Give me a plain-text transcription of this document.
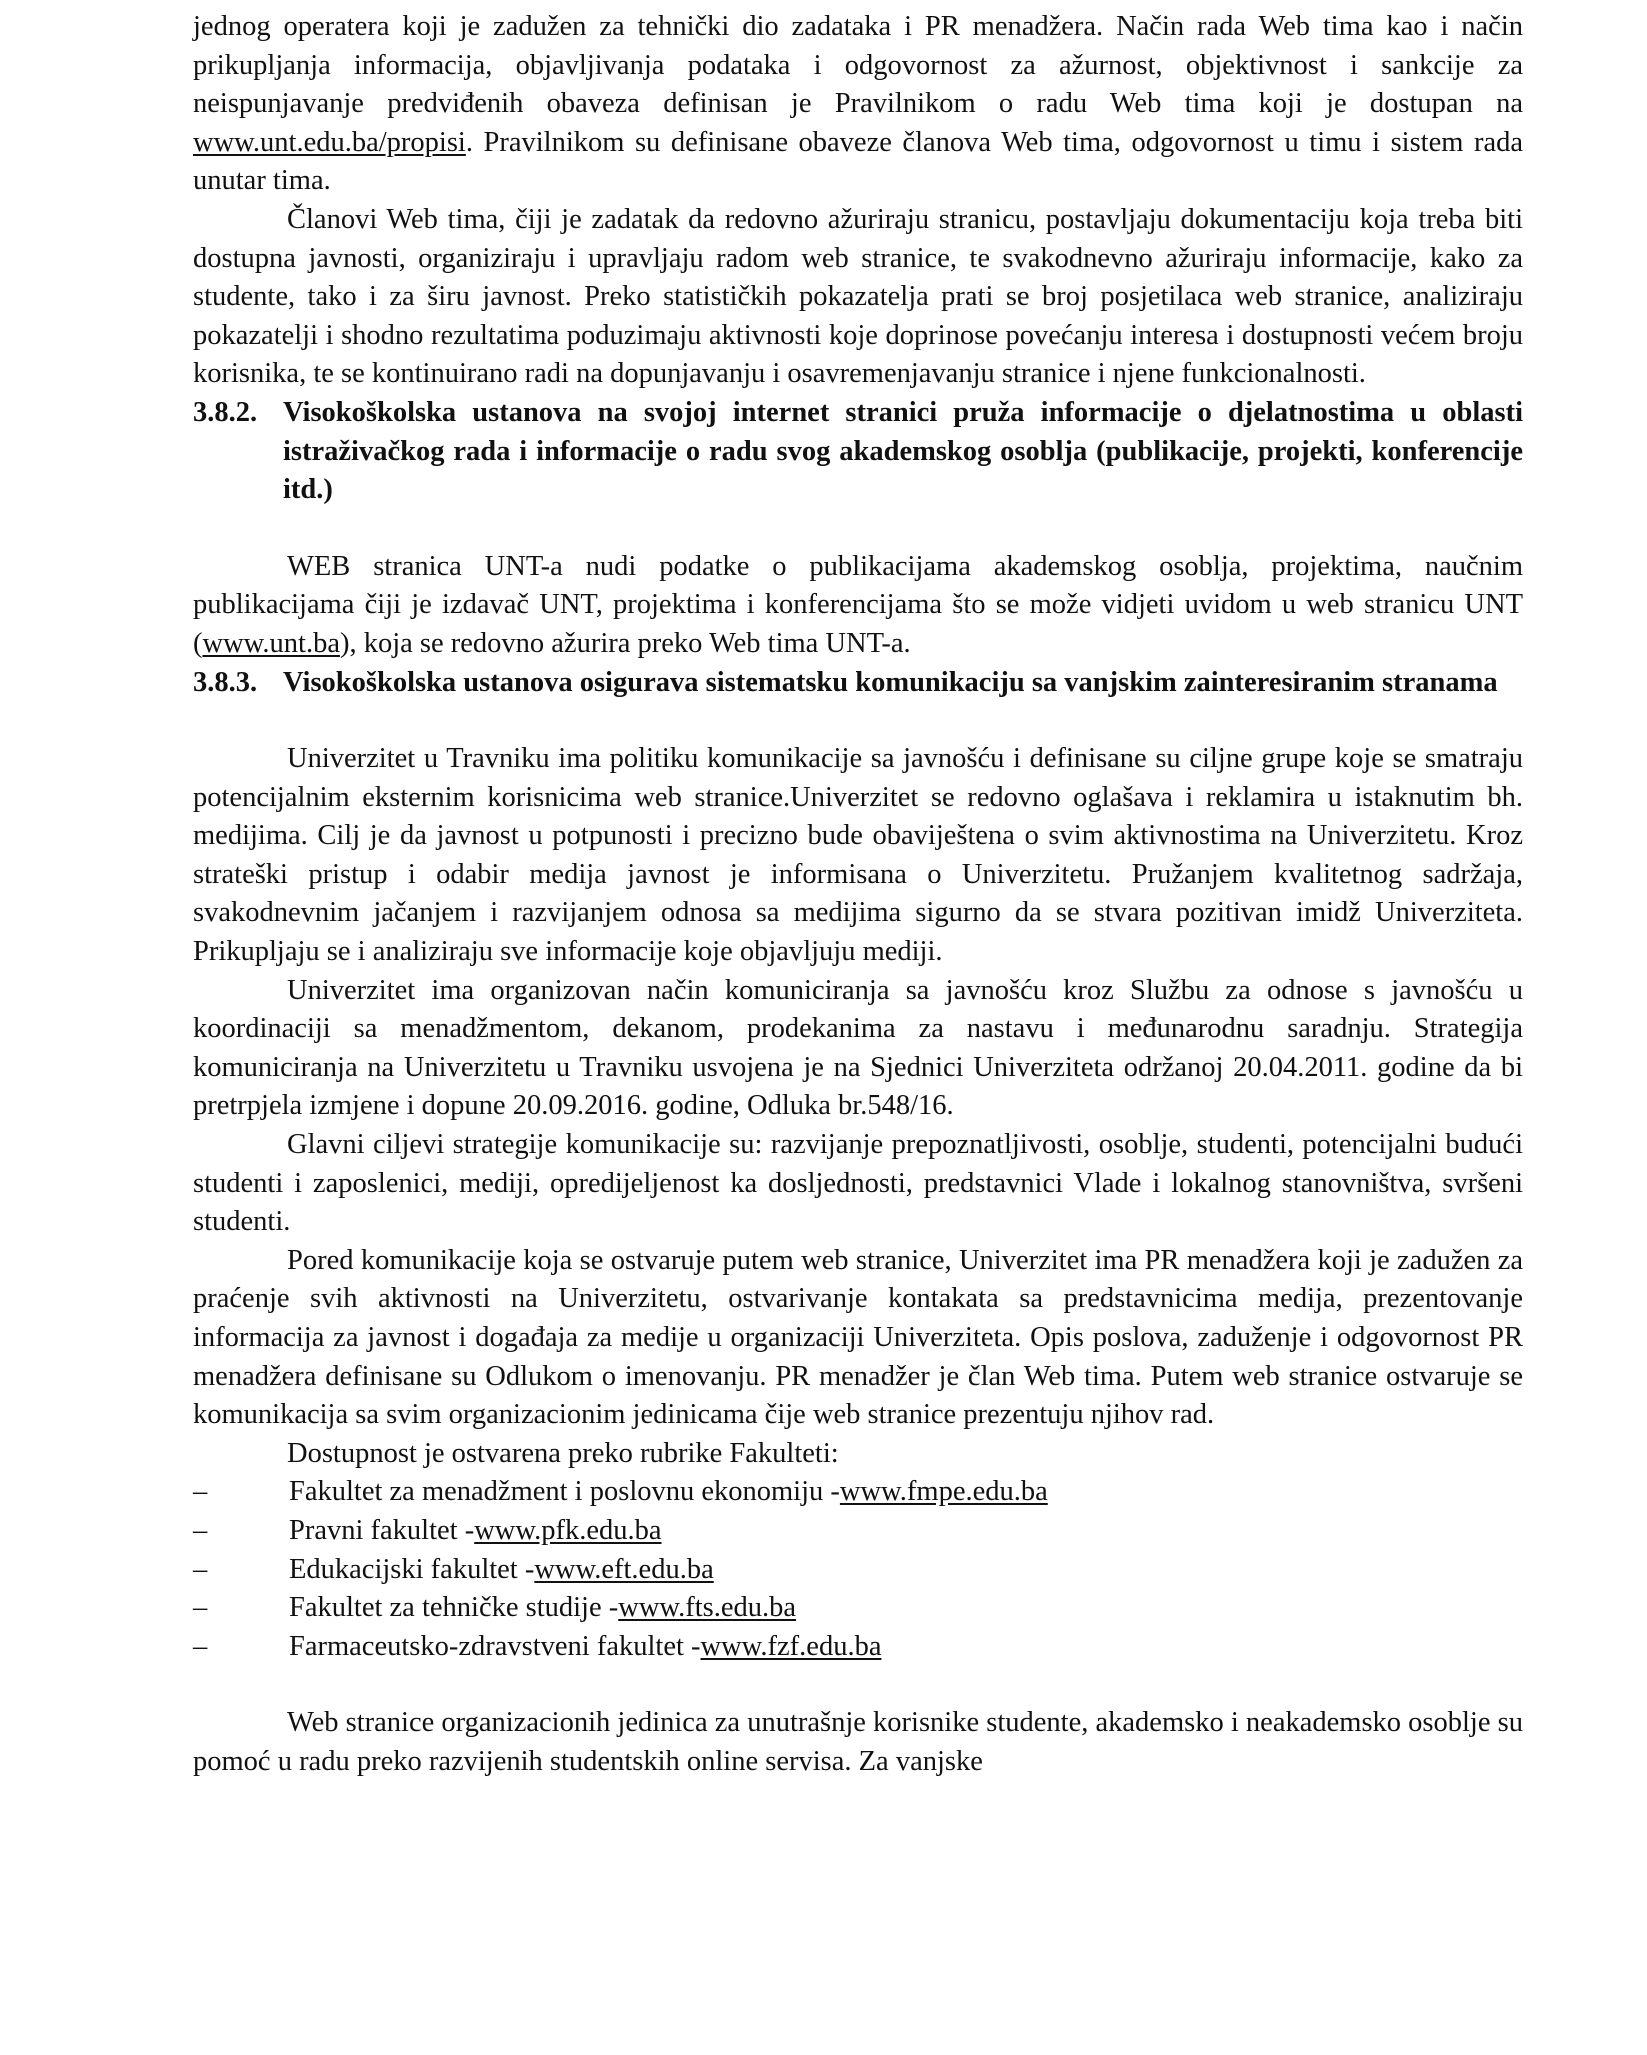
jednog operatera koji je zadužen za tehnički dio zadataka i PR menadžera. Način rada Web tima kao i način prikupljanja informacija, objavljivanja podataka i odgovornost za ažurnost, objektivnost i sankcije za neispunjavanje predviđenih obaveza definisan je Pravilnikom o radu Web tima koji je dostupan na www.unt.edu.ba/propisi. Pravilnikom su definisane obaveze članova Web tima, odgovornost u timu i sistem rada unutar tima.

Članovi Web tima, čiji je zadatak da redovno ažuriraju stranicu, postavljaju dokumentaciju koja treba biti dostupna javnosti, organiziraju i upravljaju radom web stranice, te svakodnevno ažuriraju informacije, kako za studente, tako i za širu javnost. Preko statističkih pokazatelja prati se broj posjetilaca web stranice, analiziraju pokazatelji i shodno rezultatima poduzimaju aktivnosti koje doprinose povećanju interesa i dostupnosti većem broju korisnika, te se kontinuirano radi na dopunjavanju i osavremenjavanju stranice i njene funkcionalnosti.

3.8.2. Visokoškolska ustanova na svojoj internet stranici pruža informacije o djelatnostima u oblasti istraživačkog rada i informacije o radu svog akademskog osoblja (publikacije, projekti, konferencije itd.)

WEB stranica UNT-a nudi podatke o publikacijama akademskog osoblja, projektima, naučnim publikacijama čiji je izdavač UNT, projektima i konferencijama što se može vidjeti uvidom u web stranicu UNT (www.unt.ba), koja se redovno ažurira preko Web tima UNT-a.

3.8.3. Visokoškolska ustanova osigurava sistematsku komunikaciju sa vanjskim zainteresiranim stranama

Univerzitet u Travniku ima politiku komunikacije sa javnošću i definisane su ciljne grupe koje se smatraju potencijalnim eksternim korisnicima web stranice.Univerzitet se redovno oglašava i reklamira u istaknutim bh. medijima. Cilj je da javnost u potpunosti i precizno bude obaviještena o svim aktivnostima na Univerzitetu. Kroz strateški pristup i odabir medija javnost je informisana o Univerzitetu. Pružanjem kvalitetnog sadržaja, svakodnevnim jačanjem i razvijanjem odnosa sa medijima sigurno da se stvara pozitivan imidž Univerziteta. Prikupljaju se i analiziraju sve informacije koje objavljuju mediji.

Univerzitet ima organizovan način komuniciranja sa javnošću kroz Službu za odnose s javnošću u koordinaciji sa menadžmentom, dekanom, prodekanima za nastavu i međunarodnu saradnju. Strategija komuniciranja na Univerzitetu u Travniku usvojena je na Sjednici Univerziteta održanoj 20.04.2011. godine da bi pretrpjela izmjene i dopune 20.09.2016. godine, Odluka br.548/16.

Glavni ciljevi strategije komunikacije su: razvijanje prepoznatljivosti, osoblje, studenti, potencijalni budući studenti i zaposlenici, mediji, opredijeljenost ka dosljednosti, predstavnici Vlade i lokalnog stanovništva, svršeni studenti.

Pored komunikacije koja se ostvaruje putem web stranice, Univerzitet ima PR menadžera koji je zadužen za praćenje svih aktivnosti na Univerzitetu, ostvarivanje kontakata sa predstavnicima medija, prezentovanje informacija za javnost i događaja za medije u organizaciji Univerziteta. Opis poslova, zaduženje i odgovornost PR menadžera definisane su Odlukom o imenovanju. PR menadžer je član Web tima. Putem web stranice ostvaruje se komunikacija sa svim organizacionim jedinicama čije web stranice prezentuju njihov rad.

Dostupnost je ostvarena preko rubrike Fakulteti:

–	Fakultet za menadžment i poslovnu ekonomiju -www.fmpe.edu.ba
–	Pravni fakultet -www.pfk.edu.ba
–	Edukacijski fakultet -www.eft.edu.ba
–	Fakultet za tehničke studije -www.fts.edu.ba
–	Farmaceutsko-zdravstveni fakultet -www.fzf.edu.ba

Web stranice organizacionih jedinica za unutrašnje korisnike studente, akademsko i neakademsko osoblje su pomoć u radu preko razvijenih studentskih online servisa. Za vanjske
